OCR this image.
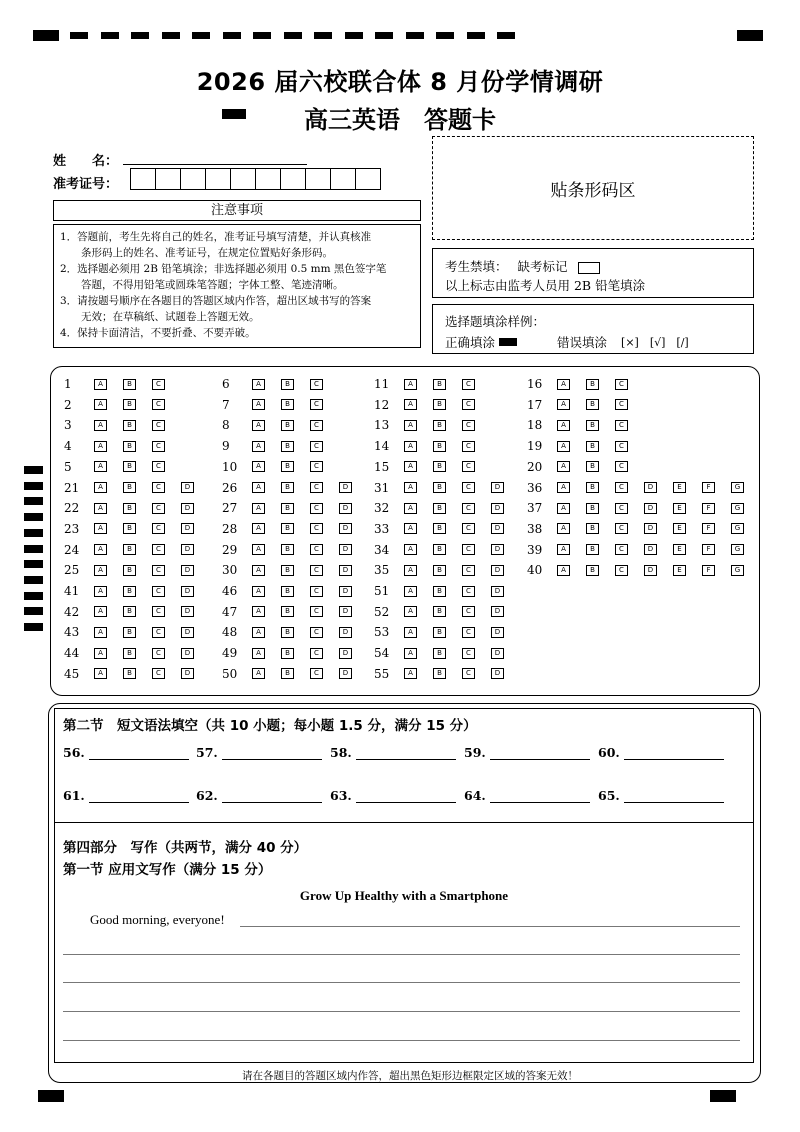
2026 届六校联合体 8 月份学情调研
高三英语　答题卡
姓　　名：
准考证号：
注意事项
1．答题前，考生先将自己的姓名，准考证号填写清楚，并认真核准
　　条形码上的姓名、准考证号，在规定位置贴好条形码。
2．选择题必须用 2B 铅笔填涂；非选择题必须用 0.5 mm 黑色签字笔
　　答题，不得用铅笔或圆珠笔答题；字体工整、笔迹清晰。
3．请按题号顺序在各题目的答题区域内作答，超出区域书写的答案
　　无效；在草稿纸、试题卷上答题无效。
4．保持卡面清洁，不要折叠、不要弄破。
贴条形码区
考生禁填： 缺考标记
以上标志由监考人员用 2B 铅笔填涂
选择题填涂样例：
正确填涂	错误填涂 [×]　[√]　[/]
1	A	B	C
2	A	B	C
3	A	B	C
4	A	B	C
5	A	B	C
21	A	B	C	D
22	A	B	C	D
23	A	B	C	D
24	A	B	C	D
25	A	B	C	D
41	A	B	C	D
42	A	B	C	D
43	A	B	C	D
44	A	B	C	D
45	A	B	C	D
6	A	B	C
7	A	B	C
8	A	B	C
9	A	B	C
10	A	B	C
26	A	B	C	D
27	A	B	C	D
28	A	B	C	D
29	A	B	C	D
30	A	B	C	D
46	A	B	C	D
47	A	B	C	D
48	A	B	C	D
49	A	B	C	D
50	A	B	C	D
11	A	B	C
12	A	B	C
13	A	B	C
14	A	B	C
15	A	B	C
31	A	B	C	D
32	A	B	C	D
33	A	B	C	D
34	A	B	C	D
35	A	B	C	D
51	A	B	C	D
52	A	B	C	D
53	A	B	C	D
54	A	B	C	D
55	A	B	C	D
16	A	B	C
17	A	B	C
18	A	B	C
19	A	B	C
20	A	B	C
36	A	B	C	D	E	F	G
37	A	B	C	D	E	F	G
38	A	B	C	D	E	F	G
39	A	B	C	D	E	F	G
40	A	B	C	D	E	F	G
第二节　短文语法填空（共 10 小题；每小题 1.5 分，满分 15 分）
56.	57.	58.	59.	60.
61.	62.	63.	64.	65.
第四部分　写作（共两节，满分 40 分）
第一节 应用文写作（满分 15 分）
Grow Up Healthy with a Smartphone
Good morning, everyone!
请在各题目的答题区域内作答，超出黑色矩形边框限定区域的答案无效！
